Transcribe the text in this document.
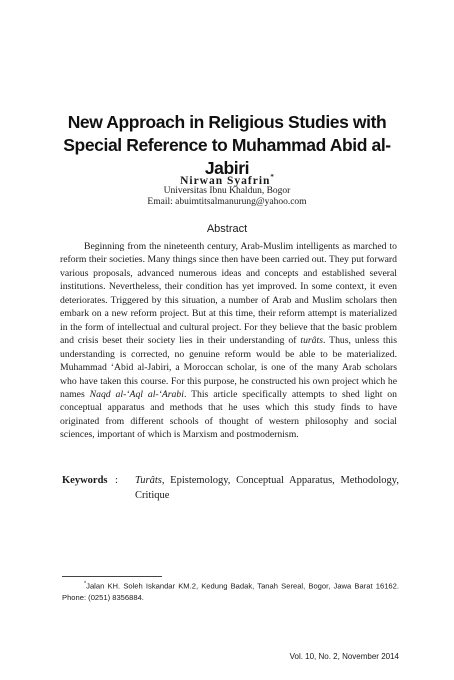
New Approach in Religious Studies with
Special Reference to Muhammad Abid al-Jabiri
Nirwan Syafrin*
Universitas Ibnu Khaldun, Bogor
Email: abuimtitsalmanurung@yahoo.com
Abstract

Beginning from the nineteenth century, Arab-Muslim intelligents as marched to reform their societies. Many things since then have been carried out. They put forward various proposals, advanced numerous ideas and concepts and established several institutions. Nevertheless, their condition has yet improved. In some context, it even deteriorates. Triggered by this situation, a number of Arab and Muslim scholars then embark on a new reform project. But at this time, their reform attempt is materialized in the form of intellectual and cultural project. For they believe that the basic problem and crisis beset their society lies in their understanding of turâts. Thus, unless this understanding is corrected, no genuine reform would be able to be materialized. Muhammad ‘Abid al-Jabiri, a Moroccan scholar, is one of the many Arab scholars who have taken this course. For this purpose, he constructed his own project which he names Naqd al-‘Aql al-‘Arabi. This article specifically attempts to shed light on conceptual apparatus and methods that he uses which this study finds to have originated from different schools of thought of western philosophy and social sciences, important of which is Marxism and postmodernism.

Keywords : Turâts, Epistemology, Conceptual Apparatus, Methodology, Critique
*Jalan KH. Soleh Iskandar KM.2, Kedung Badak, Tanah Sereal, Bogor, Jawa Barat 16162. Phone: (0251) 8356884.
Vol. 10, No. 2, November 2014
